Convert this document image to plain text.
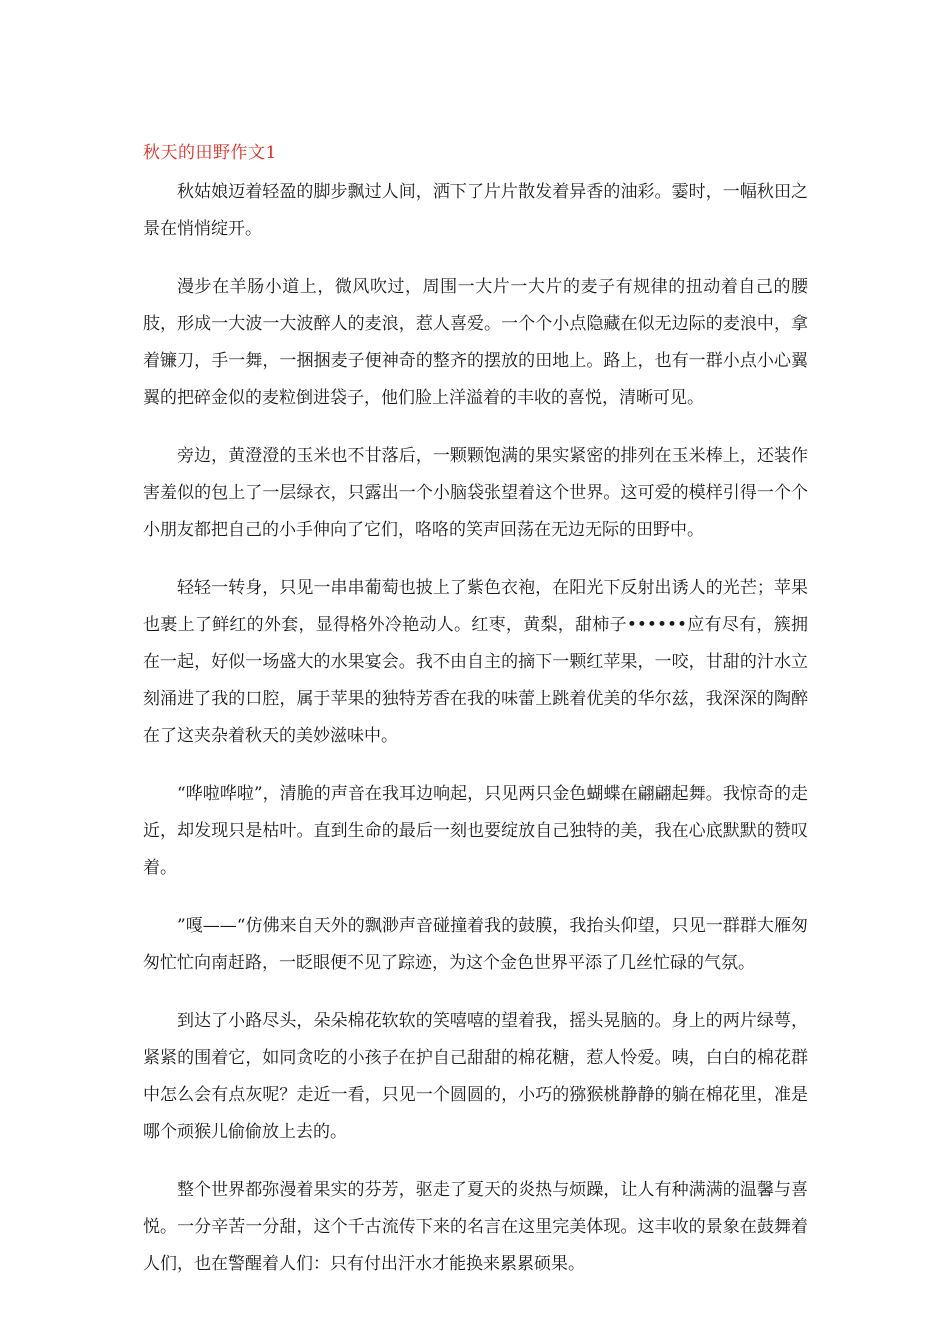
秋天的田野作文1

秋姑娘迈着轻盈的脚步飘过人间，洒下了片片散发着异香的油彩。霎时，一幅秋田之景在悄悄绽开。

漫步在羊肠小道上，微风吹过，周围一大片一大片的麦子有规律的扭动着自己的腰肢，形成一大波一大波醉人的麦浪，惹人喜爱。一个个小点隐藏在似无边际的麦浪中，拿着镰刀，手一舞，一捆捆麦子便神奇的整齐的摆放的田地上。路上，也有一群小点小心翼翼的把碎金似的麦粒倒进袋子，他们脸上洋溢着的丰收的喜悦，清晰可见。

旁边，黄澄澄的玉米也不甘落后，一颗颗饱满的果实紧密的排列在玉米棒上，还装作害羞似的包上了一层绿衣，只露出一个小脑袋张望着这个世界。这可爱的模样引得一个个小朋友都把自己的小手伸向了它们，咯咯的笑声回荡在无边无际的田野中。

轻轻一转身，只见一串串葡萄也披上了紫色衣袍，在阳光下反射出诱人的光芒；苹果也裹上了鲜红的外套，显得格外冷艳动人。红枣，黄梨，甜柿子••••••应有尽有，簇拥在一起，好似一场盛大的水果宴会。我不由自主的摘下一颗红苹果，一咬，甘甜的汁水立刻涌进了我的口腔，属于苹果的独特芳香在我的味蕾上跳着优美的华尔兹，我深深的陶醉在了这夹杂着秋天的美妙滋味中。

“哗啦哗啦”，清脆的声音在我耳边响起，只见两只金色蝴蝶在翩翩起舞。我惊奇的走近，却发现只是枯叶。直到生命的最后一刻也要绽放自己独特的美，我在心底默默的赞叹着。

”嘎——“仿佛来自天外的飘渺声音碰撞着我的鼓膜，我抬头仰望，只见一群群大雁匆匆忙忙向南赶路，一眨眼便不见了踪迹，为这个金色世界平添了几丝忙碌的气氛。

到达了小路尽头，朵朵棉花软软的笑嘻嘻的望着我，摇头晃脑的。身上的两片绿萼，紧紧的围着它，如同贪吃的小孩子在护自己甜甜的棉花糖，惹人怜爱。咦，白白的棉花群中怎么会有点灰呢？走近一看，只见一个圆圆的，小巧的猕猴桃静静的躺在棉花里，准是哪个顽猴儿偷偷放上去的。

整个世界都弥漫着果实的芬芳，驱走了夏天的炎热与烦躁，让人有种满满的温馨与喜悦。一分辛苦一分甜，这个千古流传下来的名言在这里完美体现。这丰收的景象在鼓舞着人们，也在警醒着人们：只有付出汗水才能换来累累硕果。
